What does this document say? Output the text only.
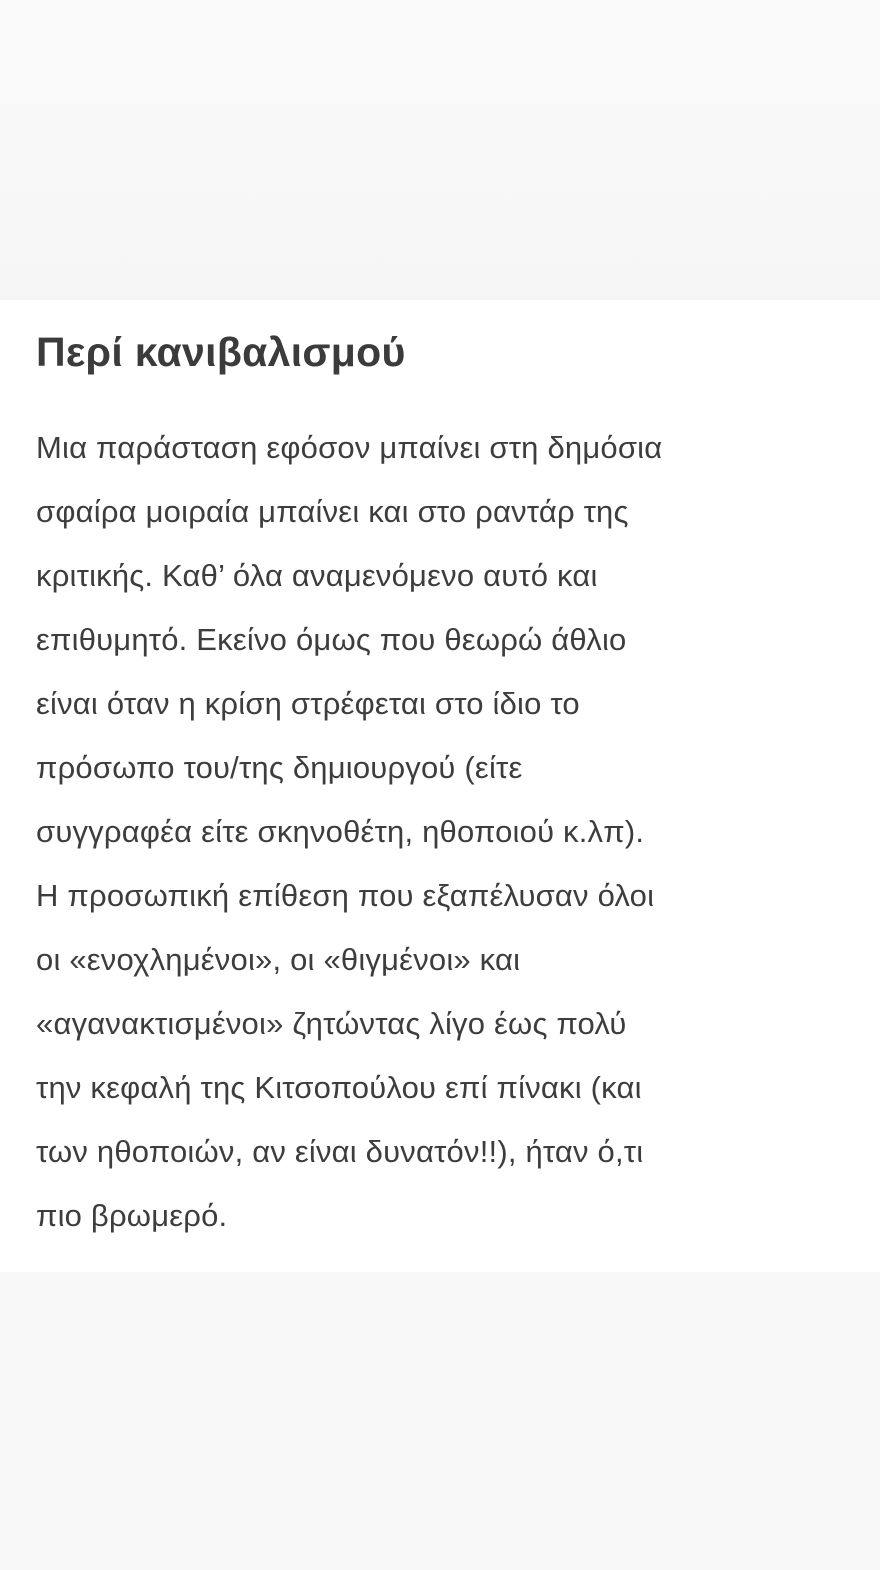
Περί κανιβαλισμού

Μια παράσταση εφόσον μπαίνει στη δημόσια
σφαίρα μοιραία μπαίνει και στο ραντάρ της
κριτικής. Καθ’ όλα αναμενόμενο αυτό και
επιθυμητό. Εκείνο όμως που θεωρώ άθλιο
είναι όταν η κρίση στρέφεται στο ίδιο το
πρόσωπο του/της δημιουργού (είτε
συγγραφέα είτε σκηνοθέτη, ηθοποιού κ.λπ).
Η προσωπική επίθεση που εξαπέλυσαν όλοι
οι «ενοχλημένοι», οι «θιγμένοι» και
«αγανακτισμένοι» ζητώντας λίγο έως πολύ
την κεφαλή της Κιτσοπούλου επί πίνακι (και
των ηθοποιών, αν είναι δυνατόν!!), ήταν ό,τι
πιο βρωμερό.
